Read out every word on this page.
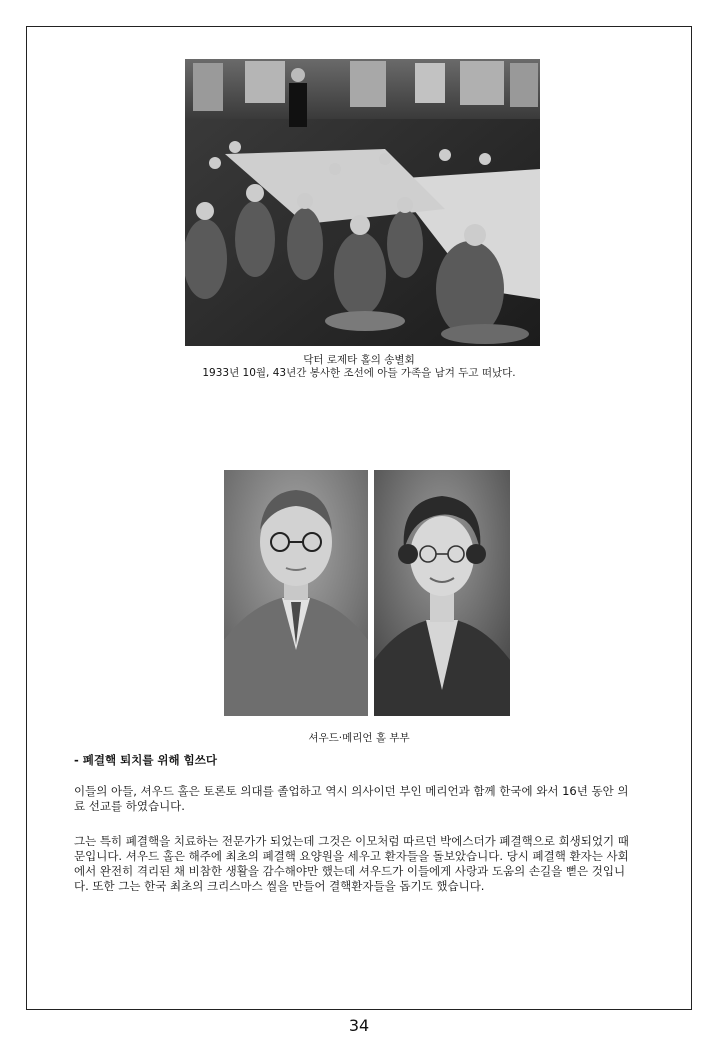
닥터 로제타 홀의 송별회
1933년 10월, 43년간 봉사한 조선에 아들 가족을 남겨 두고 떠났다.
셔우드·메리언 홀 부부
- 폐결핵 퇴치를 위해 힘쓰다

이들의 아들, 셔우드 홀은 토론토 의대를 졸업하고 역시 의사이던 부인 메리언과 함께 한국에 와서 16년 동안 의료 선교를 하였습니다.

그는 특히 폐결핵을 치료하는 전문가가 되었는데 그것은 이모처럼 따르던 박에스더가 폐결핵으로 희생되었기 때문입니다. 셔우드 홀은 해주에 최초의 폐결핵 요양원을 세우고 환자들을 돌보았습니다. 당시 폐결핵 환자는 사회에서 완전히 격리된 채 비참한 생활을 감수해야만 했는데 셔우드가 이들에게 사랑과 도움의 손길을 뻗은 것입니다. 또한 그는 한국 최초의 크리스마스 씰을 만들어 결핵환자들을 돕기도 했습니다.

34
